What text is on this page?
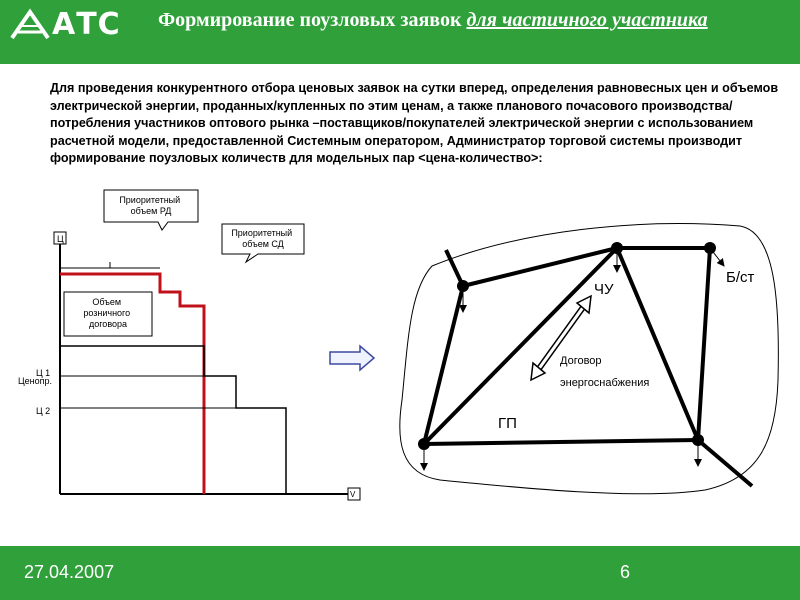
АТС Формирование поузловых заявок для частичного участника
Для проведения конкурентного отбора ценовых заявок на сутки вперед, определения равновесных цен и объемов электрической энергии, проданных/купленных по этим ценам, а также планового почасового производства/потребления участников оптового рынка –поставщиков/покупателей электрической энергии с использованием расчетной модели, предоставленной Системным оператором, Администратор торговой системы производит формирование поузловых количеств для модельных пар <цена-количество>:
Ц
V
Ц 1
Ценопр.
Ц 2
Приоритетный объем РД
Приоритетный объем СД
Объем розничного договора
ЧУ
Б/ст
ГП
Договор
энергоснабжения
27.04.2007	6
